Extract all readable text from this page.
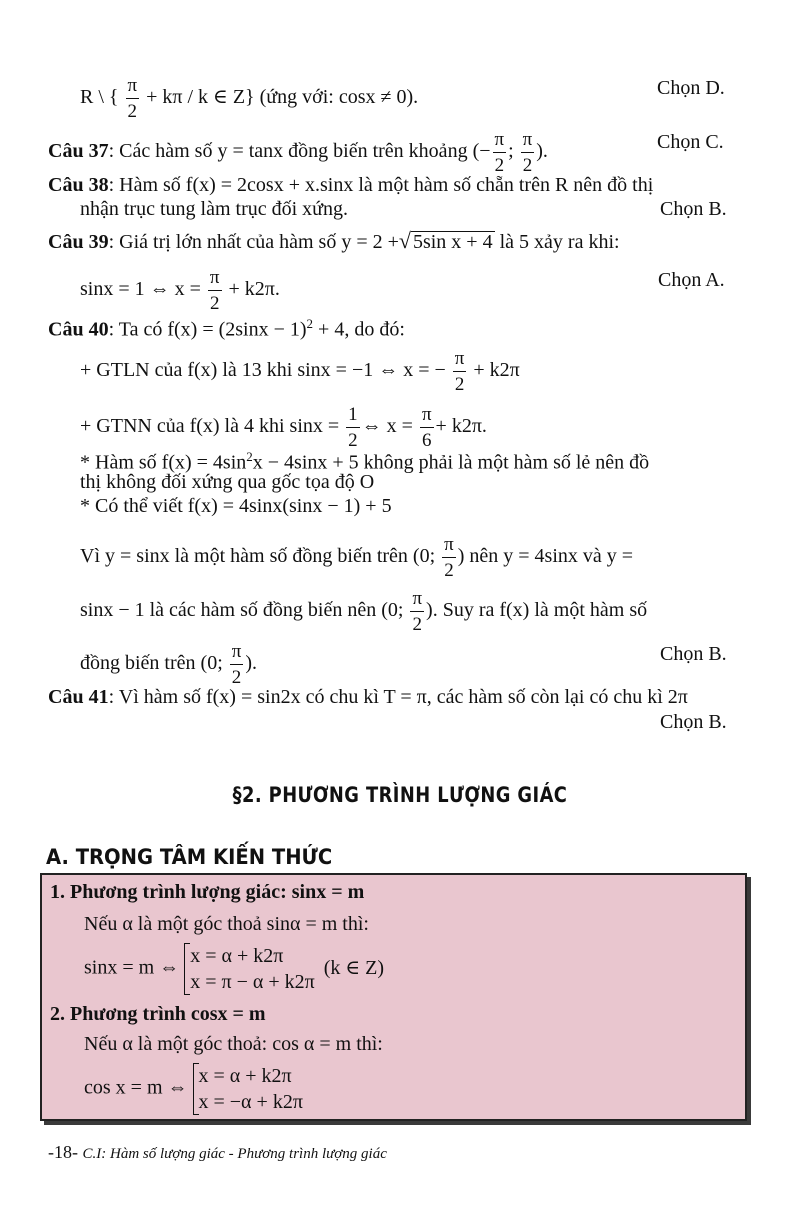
R \ { $\frac{\pi}{2} + k\pi / k$ ∈ Z} (ứng với: cosx ≠ 0).	Chọn D.
Câu 37: Các hàm số y = tanx đồng biến trên khoảng (− $\frac{\pi}{2}$ ; $\frac{\pi}{2}$ ).	Chọn C.
Câu 38: Hàm số f(x) = 2cosx + x.sinx là một hàm số chẵn trên R nên đồ thị
nhận trục tung làm trục đối xứng.	Chọn B.
Câu 39: Giá trị lớn nhất của hàm số y = 2 +√ 5sin x + 4 là 5 xảy ra khi:
sinx = 1 ⇔ $x = \frac{\pi}{2} + k2\pi$.	Chọn A.
Câu 40: Ta có $f(x) = (2\sin x - 1)^2 + 4$, do đó:
+ GTLN của f(x) là 13 khi sinx = −1 ⇔ x = − $\frac{\pi}{2} + k2\pi$
+ GTNN của f(x) là 4 khi $\sin x = \frac{1}{2}$ ⇔ $x = \frac{\pi}{6} + k2\pi$.
* Hàm số $f(x) = 4\sin^2x - 4\sin x + 5$ không phải là một hàm số lẻ nên đồ
thị không đối xứng qua gốc tọa độ O
* Có thể viết f(x) = 4sinx(sinx − 1) + 5
Vì y = sinx là một hàm số đồng biến trên (0; $\frac{\pi}{2}$ ) nên y = 4sinx và y =
sinx − 1 là các hàm số đồng biến nên (0; $\frac{\pi}{2}$ ). Suy ra f(x) là một hàm số
đồng biến trên (0; $\frac{\pi}{2}$ ).	Chọn B.
Câu 41: Vì hàm số f(x) = sin2x có chu kì T = π, các hàm số còn lại có chu kì 2π
Chọn B.
§2. PHƯƠNG TRÌNH LƯỢNG GIÁC
A. TRỌNG TÂM KIẾN THỨC
1. Phương trình lượng giác: sinx = m
Nếu α là một góc thoả sinα = m thì:
sinx = m ⇔
x = α + k2π
x = π − α + k2π
(k ∈ Z)
2. Phương trình cosx = m
Nếu α là một góc thoả: cos α = m thì:
cos x = m ⇔
x = α + k2π
x = −α + k2π
-18- C.I: Hàm số lượng giác - Phương trình lượng giác
